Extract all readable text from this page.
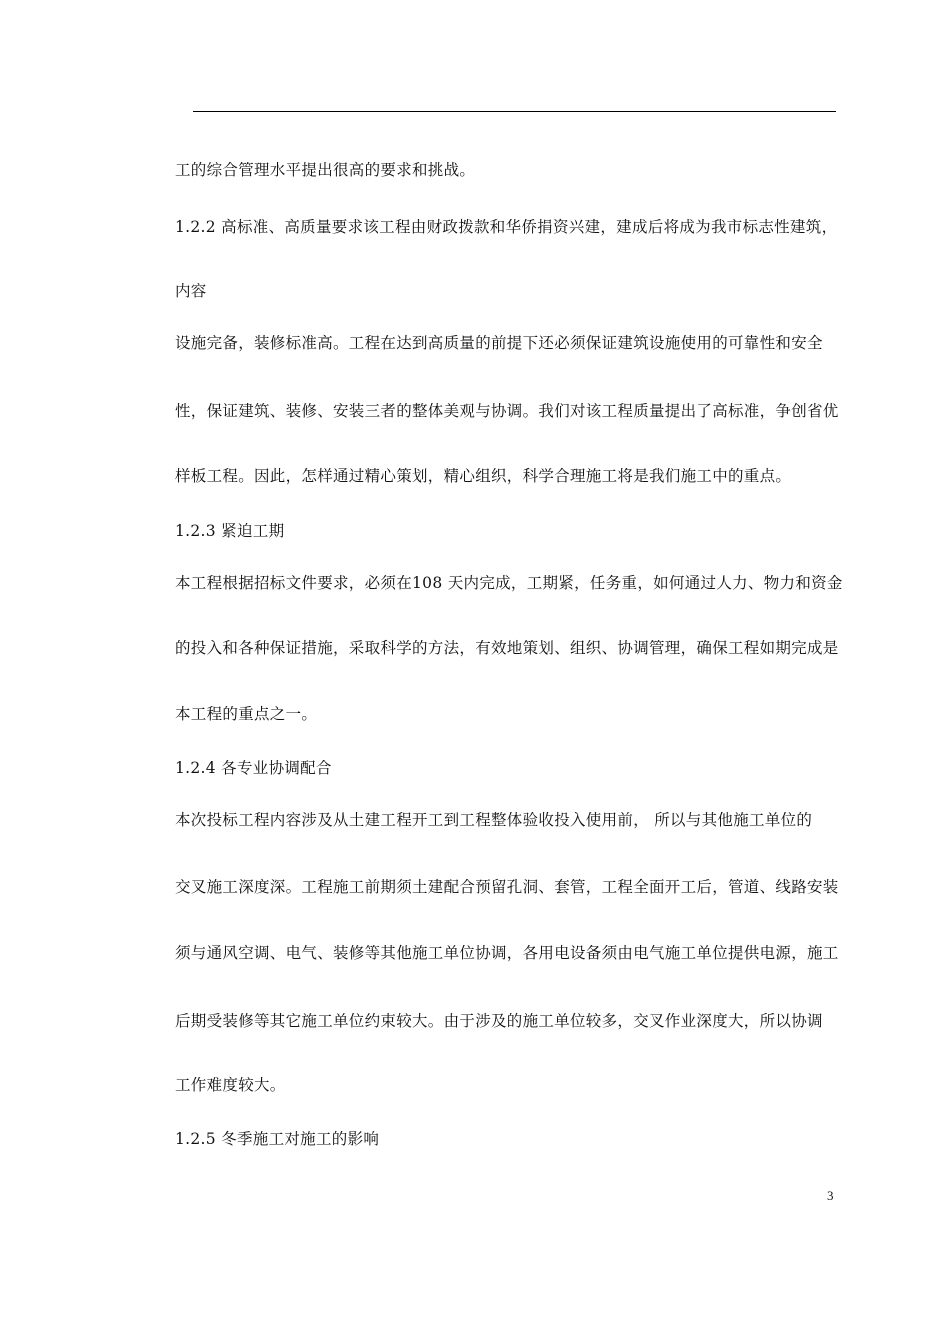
工的综合管理水平提出很高的要求和挑战。
1.2.2 高标准、高质量要求该工程由财政拨款和华侨捐资兴建，建成后将成为我市标志性建筑，
内容
设施完备，装修标准高。工程在达到高质量的前提下还必须保证建筑设施使用的可靠性和安全
性，保证建筑、装修、安装三者的整体美观与协调。我们对该工程质量提出了高标准，争创省优
样板工程。因此，怎样通过精心策划，精心组织，科学合理施工将是我们施工中的重点。
1.2.3 紧迫工期
本工程根据招标文件要求，必须在108 天内完成，工期紧，任务重，如何通过人力、物力和资金
的投入和各种保证措施，采取科学的方法，有效地策划、组织、协调管理，确保工程如期完成是
本工程的重点之一。
1.2.4 各专业协调配合
本次投标工程内容涉及从土建工程开工到工程整体验收投入使用前， 所以与其他施工单位的
交叉施工深度深。工程施工前期须土建配合预留孔洞、套管，工程全面开工后，管道、线路安装
须与通风空调、电气、装修等其他施工单位协调，各用电设备须由电气施工单位提供电源，施工
后期受装修等其它施工单位约束较大。由于涉及的施工单位较多，交叉作业深度大，所以协调
工作难度较大。
1.2.5 冬季施工对施工的影响
3
